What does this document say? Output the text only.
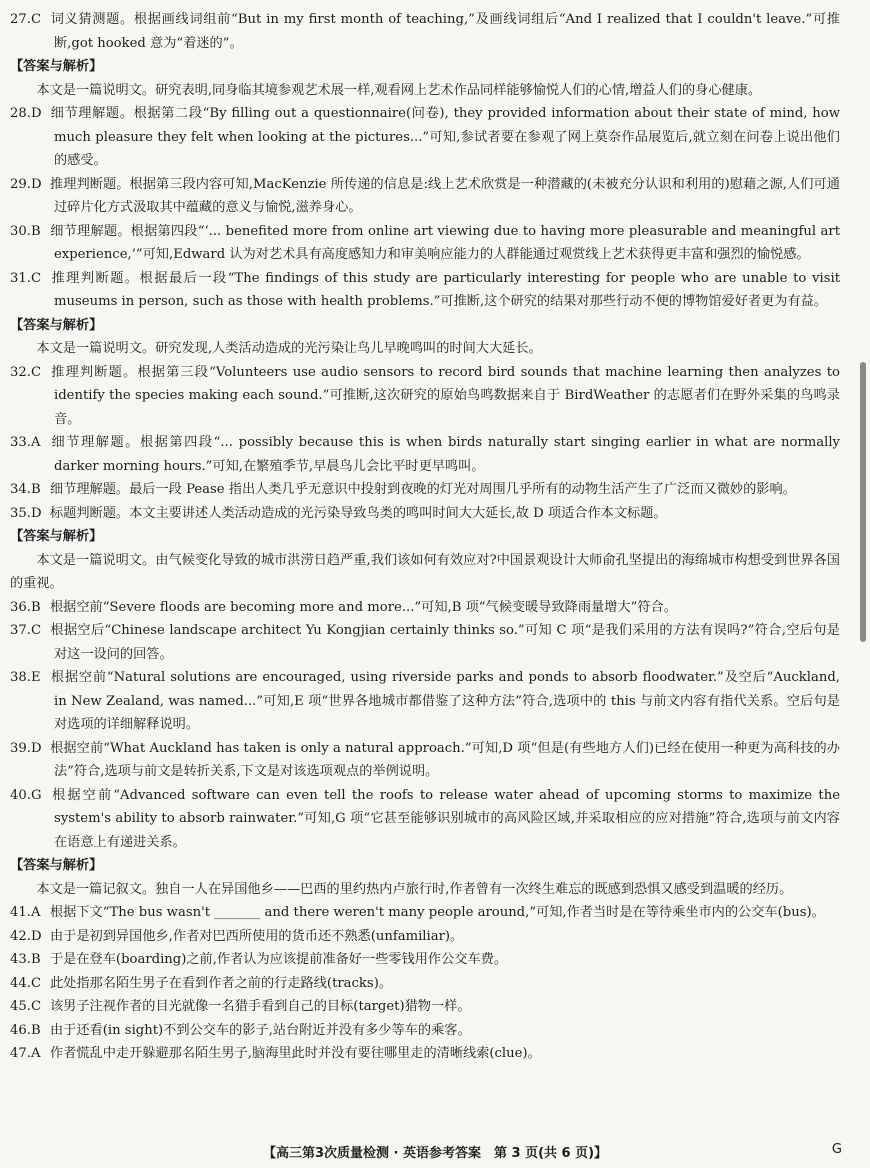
27.C 词义猜测题。根据画线词组前“But in my first month of teaching,”及画线词组后“And I realized that I couldn't leave.”可推断,got hooked 意为“着迷的”。

【答案与解析】

本文是一篇说明文。研究表明,同身临其境参观艺术展一样,观看网上艺术作品同样能够愉悦人们的心情,增益人们的身心健康。

28.D 细节理解题。根据第二段“By filling out a questionnaire(问卷), they provided information about their state of mind, how much pleasure they felt when looking at the pictures...”可知,参试者要在参观了网上莫奈作品展览后,就立刻在问卷上说出他们的感受。

29.D 推理判断题。根据第三段内容可知,MacKenzie 所传递的信息是:线上艺术欣赏是一种潜藏的(未被充分认识和利用的)慰藉之源,人们可通过碎片化方式汲取其中蕴藏的意义与愉悦,滋养身心。

30.B 细节理解题。根据第四段“‘... benefited more from online art viewing due to having more pleasurable and meaningful art experience,’”可知,Edward 认为对艺术具有高度感知力和审美响应能力的人群能通过观赏线上艺术获得更丰富和强烈的愉悦感。

31.C 推理判断题。根据最后一段“The findings of this study are particularly interesting for people who are unable to visit museums in person, such as those with health problems.”可推断,这个研究的结果对那些行动不便的博物馆爱好者更为有益。

【答案与解析】

本文是一篇说明文。研究发现,人类活动造成的光污染让鸟儿早晚鸣叫的时间大大延长。

32.C 推理判断题。根据第三段“Volunteers use audio sensors to record bird sounds that machine learning then analyzes to identify the species making each sound.”可推断,这次研究的原始鸟鸣数据来自于 BirdWeather 的志愿者们在野外采集的鸟鸣录音。

33.A 细节理解题。根据第四段“... possibly because this is when birds naturally start singing earlier in what are normally darker morning hours.”可知,在繁殖季节,早晨鸟儿会比平时更早鸣叫。

34.B 细节理解题。最后一段 Pease 指出人类几乎无意识中投射到夜晚的灯光对周围几乎所有的动物生活产生了广泛而又微妙的影响。

35.D 标题判断题。本文主要讲述人类活动造成的光污染导致鸟类的鸣叫时间大大延长,故 D 项适合作本文标题。

【答案与解析】

本文是一篇说明文。由气候变化导致的城市洪涝日趋严重,我们该如何有效应对?中国景观设计大师俞孔坚提出的海绵城市构想受到世界各国的重视。

36.B 根据空前“Severe floods are becoming more and more...”可知,B 项“气候变暖导致降雨量增大”符合。

37.C 根据空后“Chinese landscape architect Yu Kongjian certainly thinks so.”可知 C 项“是我们采用的方法有误吗?”符合,空后句是对这一设问的回答。

38.E 根据空前“Natural solutions are encouraged, using riverside parks and ponds to absorb floodwater.”及空后“Auckland, in New Zealand, was named...”可知,E 项“世界各地城市都借鉴了这种方法”符合,选项中的 this 与前文内容有指代关系。空后句是对选项的详细解释说明。

39.D 根据空前“What Auckland has taken is only a natural approach.”可知,D 项“但是(有些地方人们)已经在使用一种更为高科技的办法”符合,选项与前文是转折关系,下文是对该选项观点的举例说明。

40.G 根据空前“Advanced software can even tell the roofs to release water ahead of upcoming storms to maximize the system's ability to absorb rainwater.”可知,G 项“它甚至能够识别城市的高风险区域,并采取相应的应对措施”符合,选项与前文内容在语意上有递进关系。

【答案与解析】

本文是一篇记叙文。独自一人在异国他乡——巴西的里约热内卢旅行时,作者曾有一次终生难忘的既感到恐惧又感受到温暖的经历。

41.A 根据下文“The bus wasn't _______ and there weren't many people around,”可知,作者当时是在等待乘坐市内的公交车(bus)。

42.D 由于是初到异国他乡,作者对巴西所使用的货币还不熟悉(unfamiliar)。

43.B 于是在登车(boarding)之前,作者认为应该提前准备好一些零钱用作公交车费。

44.C 此处指那名陌生男子在看到作者之前的行走路线(tracks)。

45.C 该男子注视作者的目光就像一名猎手看到自己的目标(target)猎物一样。

46.B 由于还看(in sight)不到公交车的影子,站台附近并没有多少等车的乘客。

47.A 作者慌乱中走开躲避那名陌生男子,脑海里此时并没有要往哪里走的清晰线索(clue)。

【高三第3次质量检测 · 英语参考答案　第 3 页(共 6 页)】	G
